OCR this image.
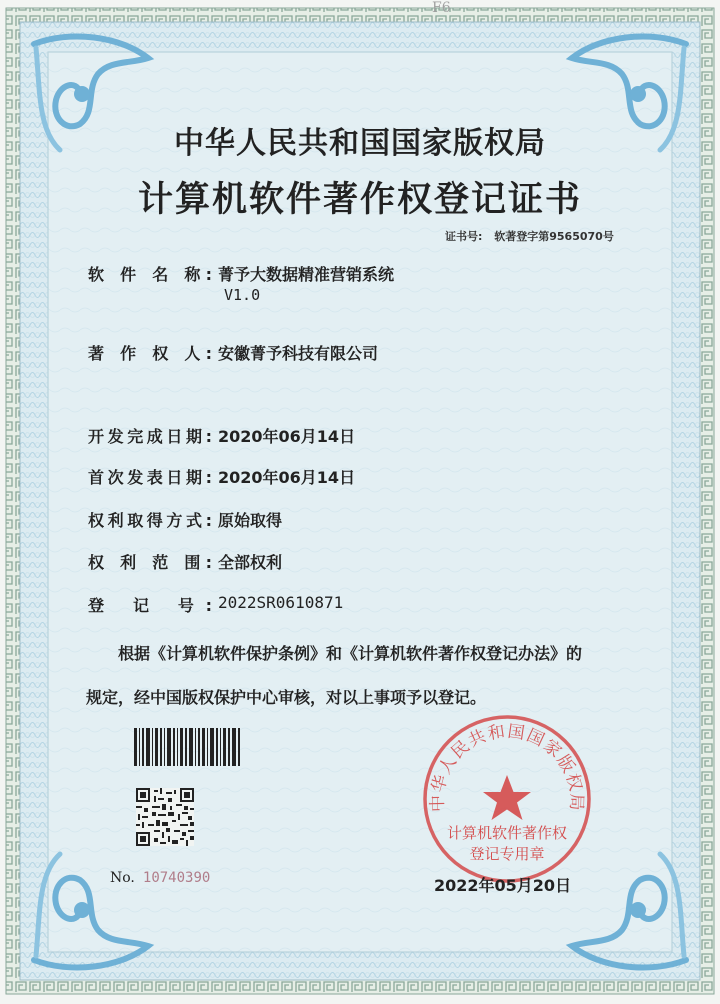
F6
中华人民共和国国家版权局
计算机软件著作权登记证书
证书号: 软著登字第9565070号
软 件 名 称: 菁予大数据精准营销系统
V1.0
著 作 权 人: 安徽菁予科技有限公司
开发完成日期: 2020年06月14日
首次发表日期: 2020年06月14日
权利取得方式: 原始取得
权 利 范 围: 全部权利
登 记 号: 2022SR0610871
根据《计算机软件保护条例》和《计算机软件著作权登记办法》的
规定，经中国版权保护中心审核，对以上事项予以登记。
No. 10740390
中华人民共和国国家版权局
计算机软件著作权
登记专用章
2022年05月20日
